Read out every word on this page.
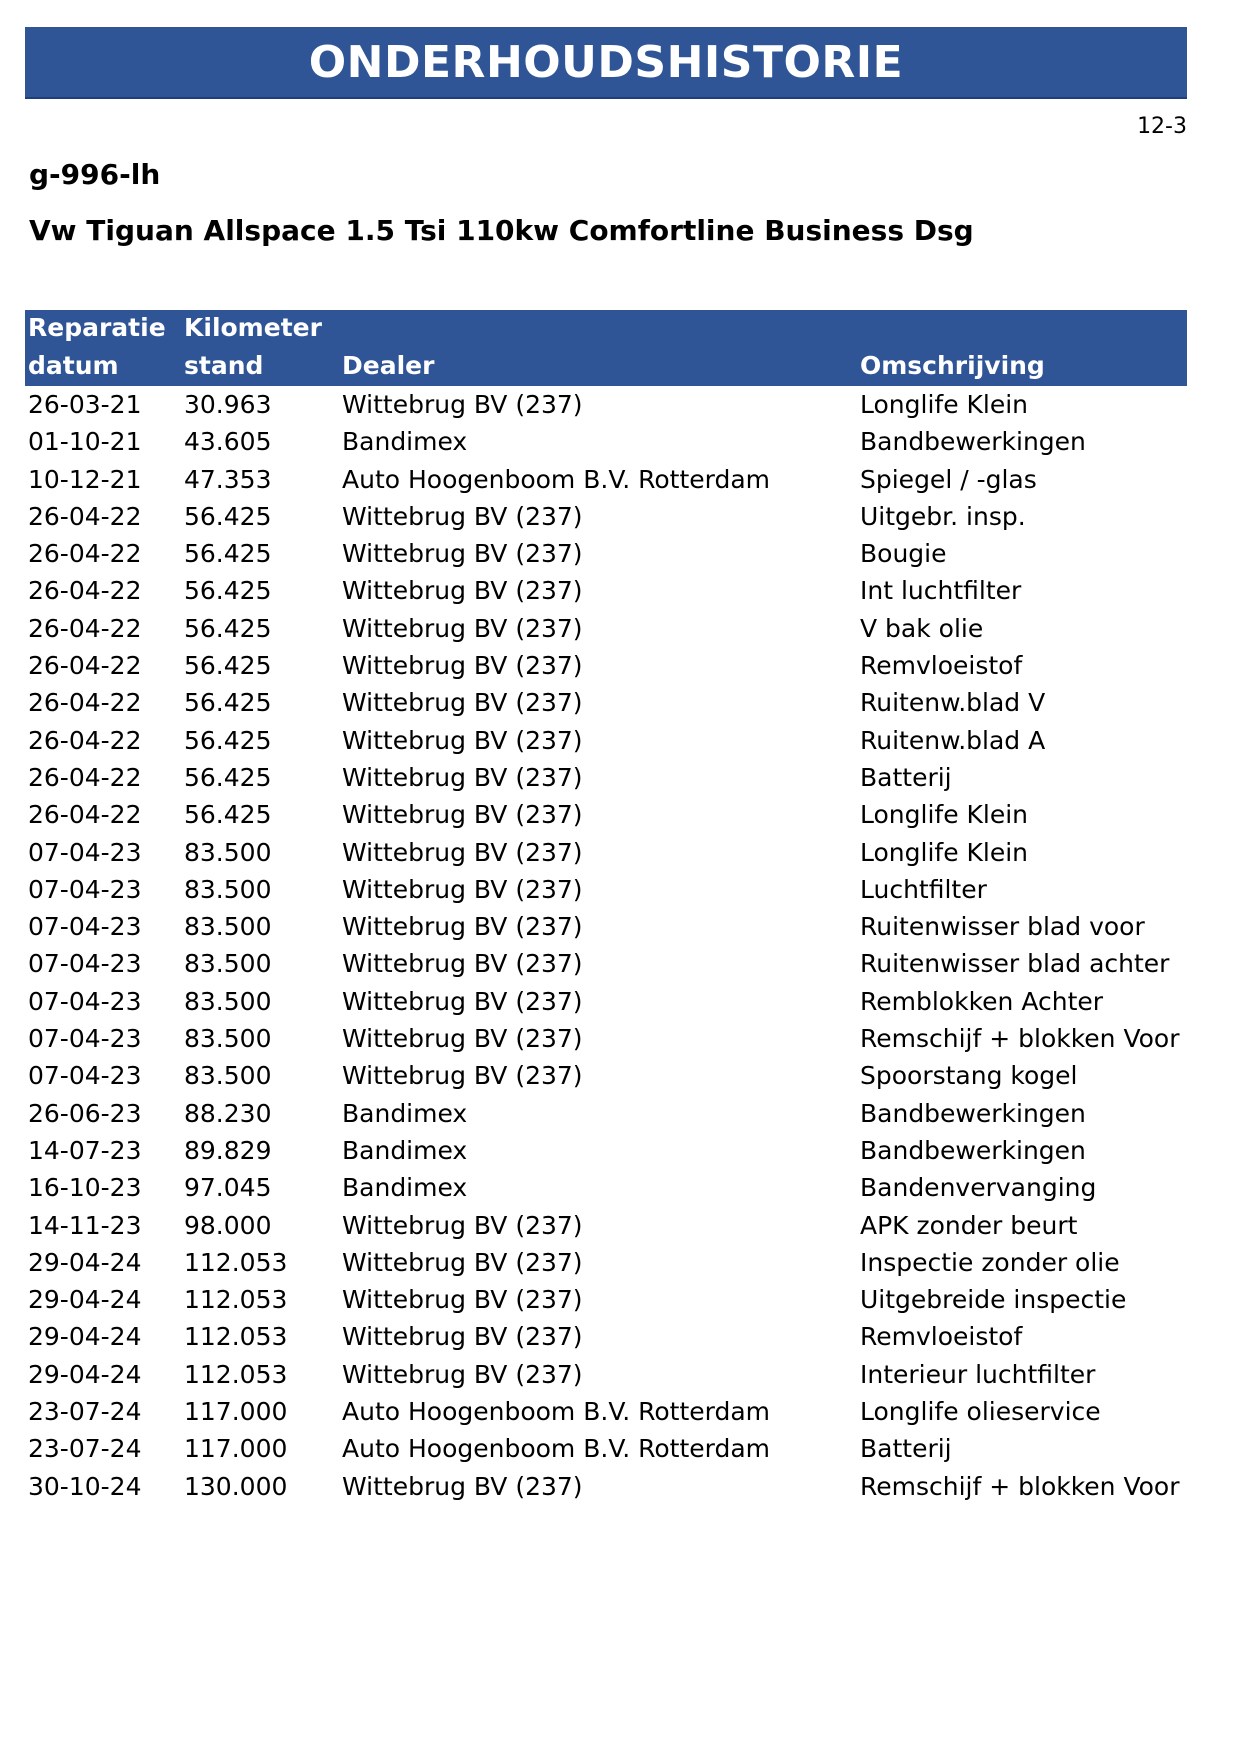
ONDERHOUDSHISTORIE
12-3
g-996-lh
Vw Tiguan Allspace 1.5 Tsi 110kw Comfortline Business Dsg
Reparatie
datum
Kilometer
stand	Dealer	Omschrijving
26-03-21 30.963	Wittebrug BV (237)	Longlife Klein
01-10-21 43.605	Bandimex	Bandbewerkingen
10-12-21 47.353	Auto Hoogenboom B.V. Rotterdam	Spiegel / -glas
26-04-22 56.425	Wittebrug BV (237)	Uitgebr. insp.
26-04-22 56.425	Wittebrug BV (237)	Bougie
26-04-22 56.425	Wittebrug BV (237)	Int luchtfilter
26-04-22 56.425	Wittebrug BV (237)	V bak olie
26-04-22 56.425	Wittebrug BV (237)	Remvloeistof
26-04-22 56.425	Wittebrug BV (237)	Ruitenw.blad V
26-04-22 56.425	Wittebrug BV (237)	Ruitenw.blad A
26-04-22 56.425	Wittebrug BV (237)	Batterij
26-04-22 56.425	Wittebrug BV (237)	Longlife Klein
07-04-23 83.500	Wittebrug BV (237)	Longlife Klein
07-04-23 83.500	Wittebrug BV (237)	Luchtfilter
07-04-23 83.500	Wittebrug BV (237)	Ruitenwisser blad voor
07-04-23 83.500	Wittebrug BV (237)	Ruitenwisser blad achter
07-04-23 83.500	Wittebrug BV (237)	Remblokken Achter
07-04-23 83.500	Wittebrug BV (237)	Remschijf + blokken Voor
07-04-23 83.500	Wittebrug BV (237)	Spoorstang kogel
26-06-23 88.230	Bandimex	Bandbewerkingen
14-07-23 89.829	Bandimex	Bandbewerkingen
16-10-23 97.045	Bandimex	Bandenvervanging
14-11-23 98.000	Wittebrug BV (237)	APK zonder beurt
29-04-24 112.053 Wittebrug BV (237)	Inspectie zonder olie
29-04-24 112.053 Wittebrug BV (237)	Uitgebreide inspectie
29-04-24 112.053 Wittebrug BV (237)	Remvloeistof
29-04-24 112.053 Wittebrug BV (237)	Interieur luchtfilter
23-07-24 117.000 Auto Hoogenboom B.V. Rotterdam	Longlife olieservice
23-07-24 117.000 Auto Hoogenboom B.V. Rotterdam	Batterij
30-10-24 130.000 Wittebrug BV (237)	Remschijf + blokken Voor
